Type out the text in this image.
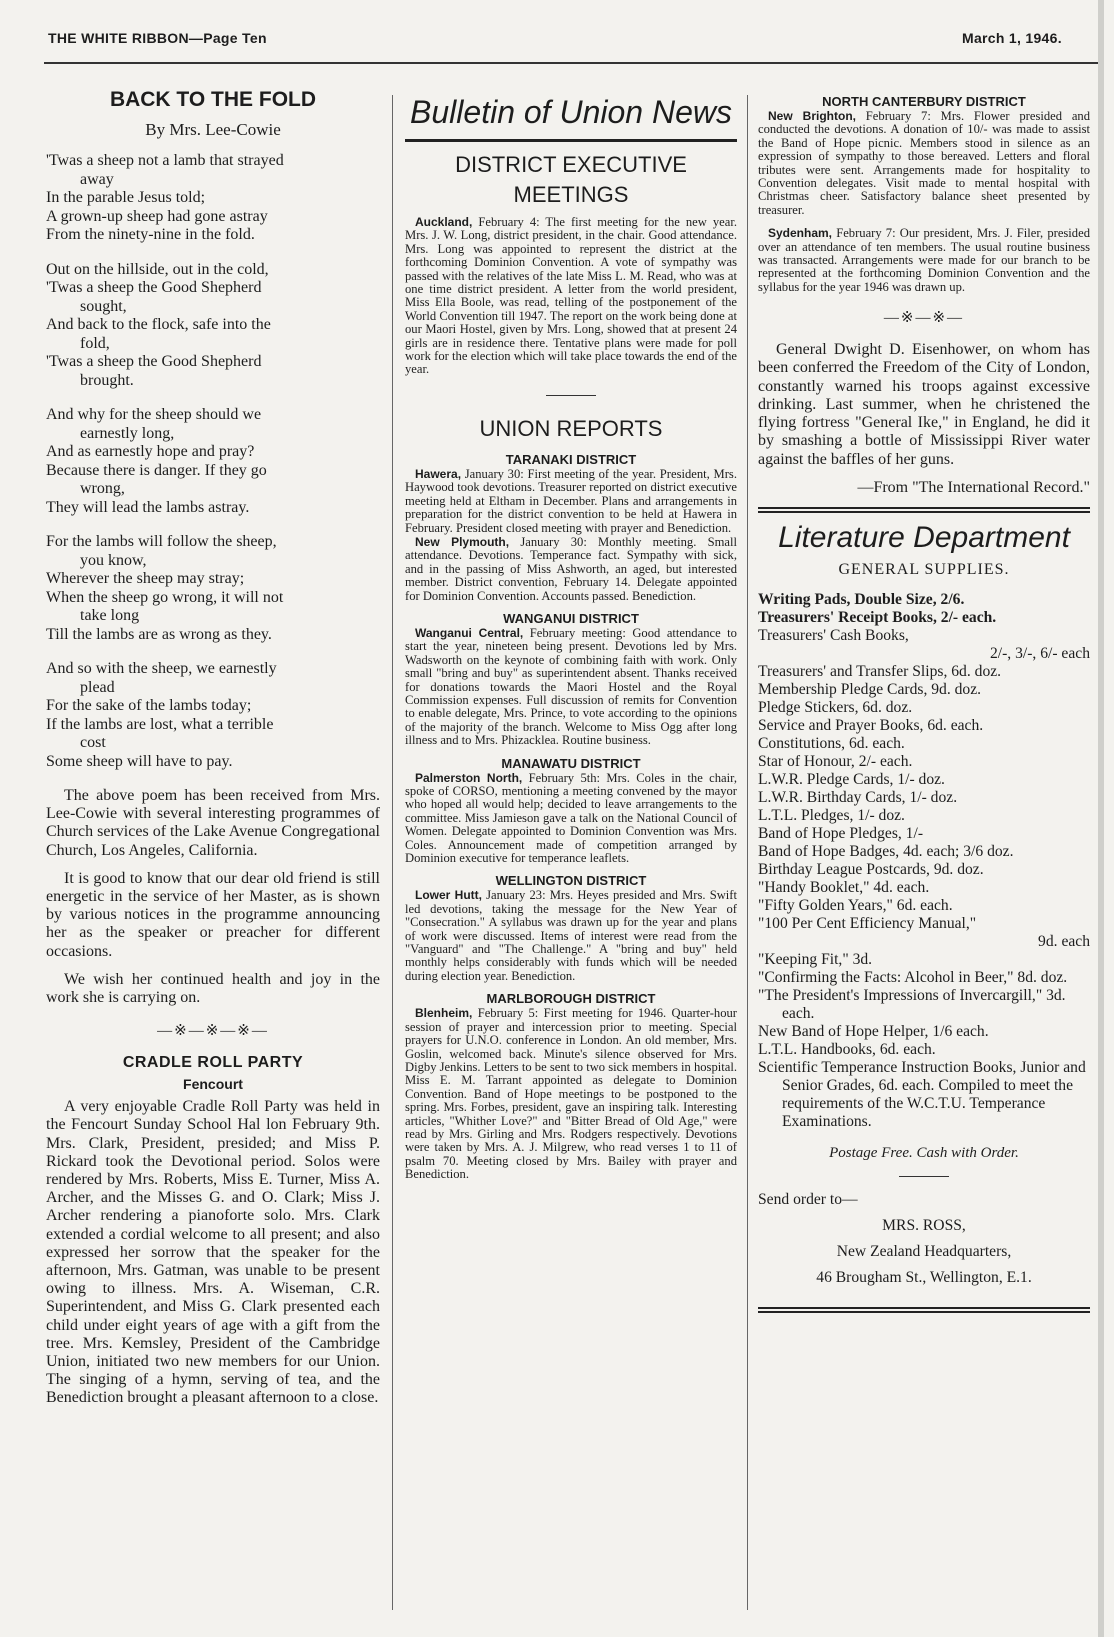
THE WHITE RIBBON—Page Ten	March 1, 1946.
BACK TO THE FOLD
By Mrs. Lee-Cowie
'Twas a sheep not a lamb that strayed
away
In the parable Jesus told;
A grown-up sheep had gone astray
From the ninety-nine in the fold.
Out on the hillside, out in the cold,
'Twas a sheep the Good Shepherd
sought,
And back to the flock, safe into the
fold,
'Twas a sheep the Good Shepherd
brought.
And why for the sheep should we
earnestly long,
And as earnestly hope and pray?
Because there is danger. If they go
wrong,
They will lead the lambs astray.
For the lambs will follow the sheep,
you know,
Wherever the sheep may stray;
When the sheep go wrong, it will not
take long
Till the lambs are as wrong as they.
And so with the sheep, we earnestly
plead
For the sake of the lambs today;
If the lambs are lost, what a terrible
cost
Some sheep will have to pay.
The above poem has been received from Mrs. Lee-Cowie with several interesting programmes of Church services of the Lake Avenue Congregational Church, Los Angeles, California.
It is good to know that our dear old friend is still energetic in the service of her Master, as is shown by various notices in the programme announcing her as the speaker or preacher for different occasions.
We wish her continued health and joy in the work she is carrying on.
—※—※—※—
CRADLE ROLL PARTY
Fencourt
A very enjoyable Cradle Roll Party was held in the Fencourt Sunday School Hal lon February 9th. Mrs. Clark, President, presided; and Miss P. Rickard took the Devotional period. Solos were rendered by Mrs. Roberts, Miss E. Turner, Miss A. Archer, and the Misses G. and O. Clark; Miss J. Archer rendering a pianoforte solo. Mrs. Clark extended a cordial welcome to all present; and also expressed her sorrow that the speaker for the afternoon, Mrs. Gatman, was unable to be present owing to illness. Mrs. A. Wiseman, C.R. Superintendent, and Miss G. Clark presented each child under eight years of age with a gift from the tree. Mrs. Kemsley, President of the Cambridge Union, initiated two new members for our Union. The singing of a hymn, serving of tea, and the Benediction brought a pleasant afternoon to a close.
Bulletin of Union News
DISTRICT EXECUTIVE
MEETINGS
Auckland, February 4: The first meeting for the new year. Mrs. J. W. Long, district president, in the chair. Good attendance. Mrs. Long was appointed to represent the district at the forthcoming Dominion Convention. A vote of sympathy was passed with the relatives of the late Miss L. M. Read, who was at one time district president. A letter from the world president, Miss Ella Boole, was read, telling of the postponement of the World Convention till 1947. The report on the work being done at our Maori Hostel, given by Mrs. Long, showed that at present 24 girls are in residence there. Tentative plans were made for poll work for the election which will take place towards the end of the year.
UNION REPORTS
TARANAKI DISTRICT
Hawera, January 30: First meeting of the year. President, Mrs. Haywood took devotions. Treasurer reported on district executive meeting held at Eltham in December. Plans and arrangements in preparation for the district convention to be held at Hawera in February. President closed meeting with prayer and Benediction.
New Plymouth, January 30: Monthly meeting. Small attendance. Devotions. Temperance fact. Sympathy with sick, and in the passing of Miss Ashworth, an aged, but interested member. District convention, February 14. Delegate appointed for Dominion Convention. Accounts passed. Benediction.
WANGANUI DISTRICT
Wanganui Central, February meeting: Good attendance to start the year, nineteen being present. Devotions led by Mrs. Wadsworth on the keynote of combining faith with work. Only small "bring and buy" as superintendent absent. Thanks received for donations towards the Maori Hostel and the Royal Commission expenses. Full discussion of remits for Convention to enable delegate, Mrs. Prince, to vote according to the opinions of the majority of the branch. Welcome to Miss Ogg after long illness and to Mrs. Phizacklea. Routine business.
MANAWATU DISTRICT
Palmerston North, February 5th: Mrs. Coles in the chair, spoke of CORSO, mentioning a meeting convened by the mayor who hoped all would help; decided to leave arrangements to the committee. Miss Jamieson gave a talk on the National Council of Women. Delegate appointed to Dominion Convention was Mrs. Coles. Announcement made of competition arranged by Dominion executive for temperance leaflets.
WELLINGTON DISTRICT
Lower Hutt, January 23: Mrs. Heyes presided and Mrs. Swift led devotions, taking the message for the New Year of "Consecration." A syllabus was drawn up for the year and plans of work were discussed. Items of interest were read from the "Vanguard" and "The Challenge." A "bring and buy" held monthly helps considerably with funds which will be needed during election year. Benediction.
MARLBOROUGH DISTRICT
Blenheim, February 5: First meeting for 1946. Quarter-hour session of prayer and intercession prior to meeting. Special prayers for U.N.O. conference in London. An old member, Mrs. Goslin, welcomed back. Minute's silence observed for Mrs. Digby Jenkins. Letters to be sent to two sick members in hospital. Miss E. M. Tarrant appointed as delegate to Dominion Convention. Band of Hope meetings to be postponed to the spring. Mrs. Forbes, president, gave an inspiring talk. Interesting articles, "Whither Love?" and "Bitter Bread of Old Age," were read by Mrs. Girling and Mrs. Rodgers respectively. Devotions were taken by Mrs. A. J. Milgrew, who read verses 1 to 11 of psalm 70. Meeting closed by Mrs. Bailey with prayer and Benediction.
NORTH CANTERBURY DISTRICT
New Brighton, February 7: Mrs. Flower presided and conducted the devotions. A donation of 10/- was made to assist the Band of Hope picnic. Members stood in silence as an expression of sympathy to those bereaved. Letters and floral tributes were sent. Arrangements made for hospitality to Convention delegates. Visit made to mental hospital with Christmas cheer. Satisfactory balance sheet presented by treasurer.
Sydenham, February 7: Our president, Mrs. J. Filer, presided over an attendance of ten members. The usual routine business was transacted. Arrangements were made for our branch to be represented at the forthcoming Dominion Convention and the syllabus for the year 1946 was drawn up.
—※—※—
General Dwight D. Eisenhower, on whom has been conferred the Freedom of the City of London, constantly warned his troops against excessive drinking. Last summer, when he christened the flying fortress "General Ike," in England, he did it by smashing a bottle of Mississippi River water against the baffles of her guns.
—From "The International Record."
Literature Department
GENERAL SUPPLIES.
Writing Pads, Double Size, 2/6.
Treasurers' Receipt Books, 2/- each.
Treasurers' Cash Books,
2/-, 3/-, 6/- each
Treasurers' and Transfer Slips, 6d. doz.
Membership Pledge Cards, 9d. doz.
Pledge Stickers, 6d. doz.
Service and Prayer Books, 6d. each.
Constitutions, 6d. each.
Star of Honour, 2/- each.
L.W.R. Pledge Cards, 1/- doz.
L.W.R. Birthday Cards, 1/- doz.
L.T.L. Pledges, 1/- doz.
Band of Hope Pledges, 1/-
Band of Hope Badges, 4d. each; 3/6 doz.
Birthday League Postcards, 9d. doz.
"Handy Booklet," 4d. each.
"Fifty Golden Years," 6d. each.
"100 Per Cent Efficiency Manual,"
9d. each
"Keeping Fit," 3d.
"Confirming the Facts: Alcohol in Beer," 8d. doz.
"The President's Impressions of Invercargill," 3d. each.
New Band of Hope Helper, 1/6 each.
L.T.L. Handbooks, 6d. each.
Scientific Temperance Instruction Books, Junior and Senior Grades, 6d. each. Compiled to meet the requirements of the W.C.T.U. Temperance Examinations.
Postage Free. Cash with Order.
Send order to—
MRS. ROSS,
New Zealand Headquarters,
46 Brougham St., Wellington, E.1.
